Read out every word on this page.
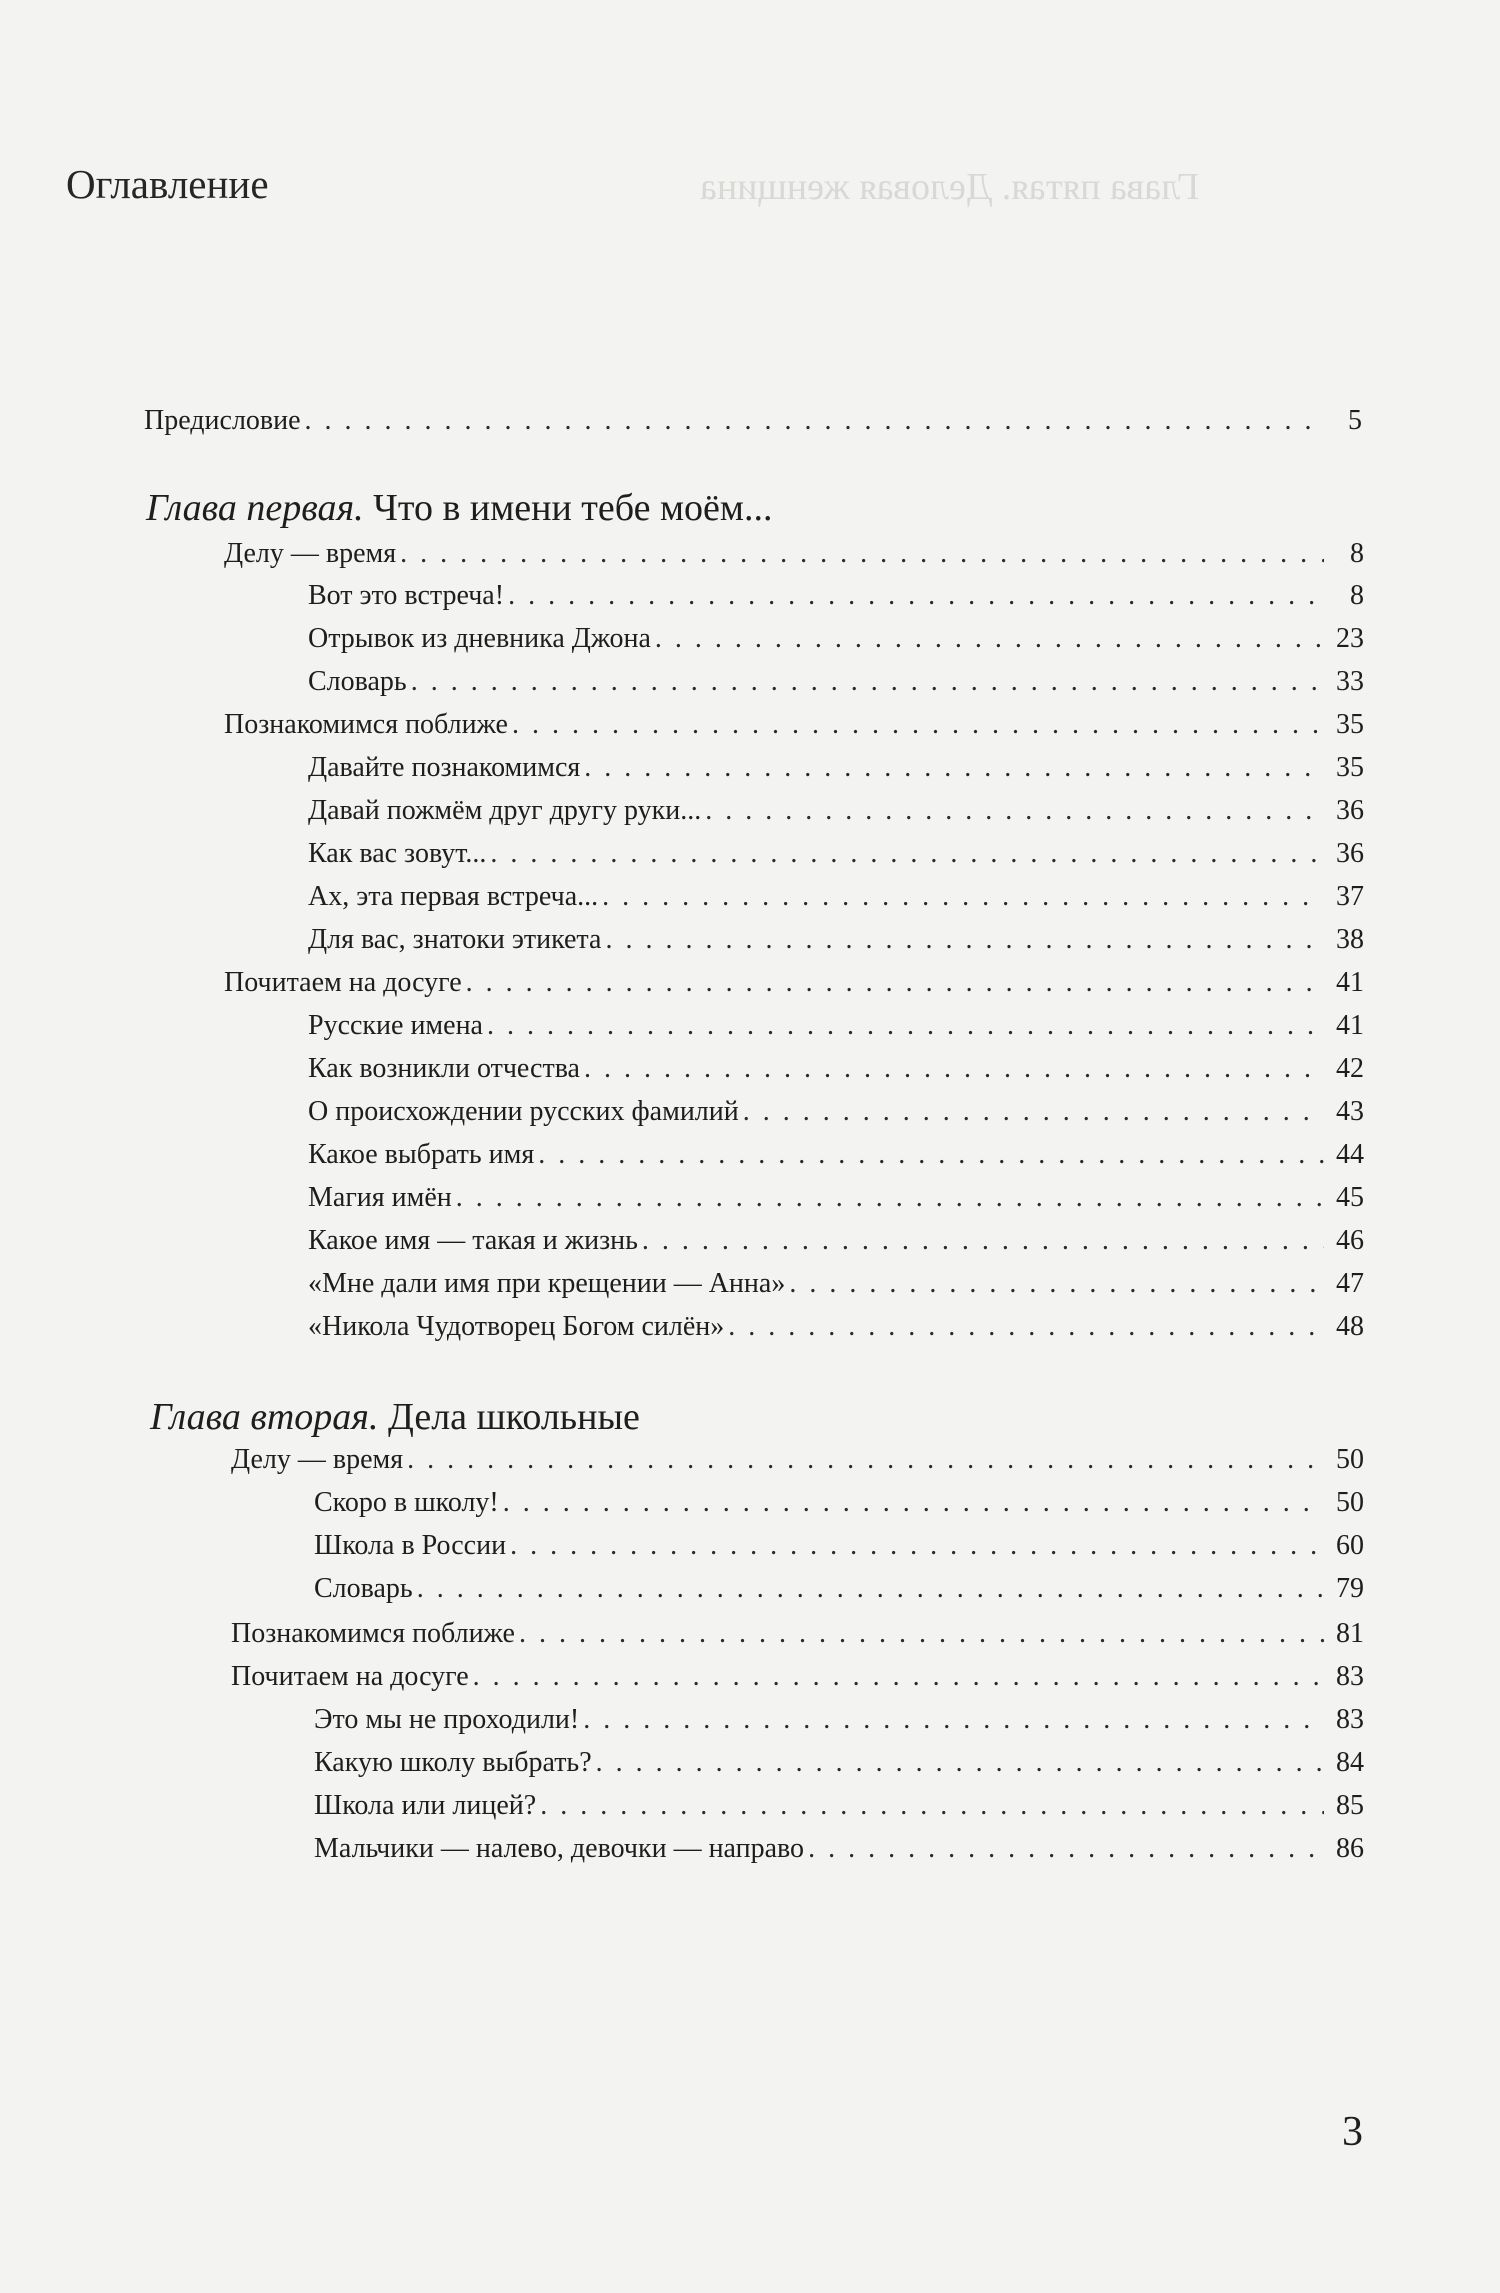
Глава пятая. Деловая женщина
Оглавление
Предисловие . . .	5
Глава первая. Что в имени тебе моём...
Делу — время . . .	8
Вот это встреча! . . .	8
Отрывок из дневника Джона . . .	23
Словарь . . .	33
Познакомимся поближе . . .	35
Давайте познакомимся . . .	35
Давай пожмём друг другу руки... . . .	36
Как вас зовут... . . .	36
Ах, эта первая встреча... . . .	37
Для вас, знатоки этикета . . .	38
Почитаем на досуге . . .	41
Русские имена . . .	41
Как возникли отчества . . .	42
О происхождении русских фамилий . . .	43
Какое выбрать имя . . .	44
Магия имён . . .	45
Какое имя — такая и жизнь . . .	46
«Мне дали имя при крещении — Анна» . . .	47
«Никола Чудотворец Богом силён» . . .	48
Глава вторая. Дела школьные
Делу — время . . .	50
Скоро в школу! . . .	50
Школа в России . . .	60
Словарь . . .	79
Познакомимся поближе . . .	81
Почитаем на досуге . . .	83
Это мы не проходили! . . .	83
Какую школу выбрать? . . .	84
Школа или лицей? . . .	85
Мальчики — налево, девочки — направо . . .	86
3
